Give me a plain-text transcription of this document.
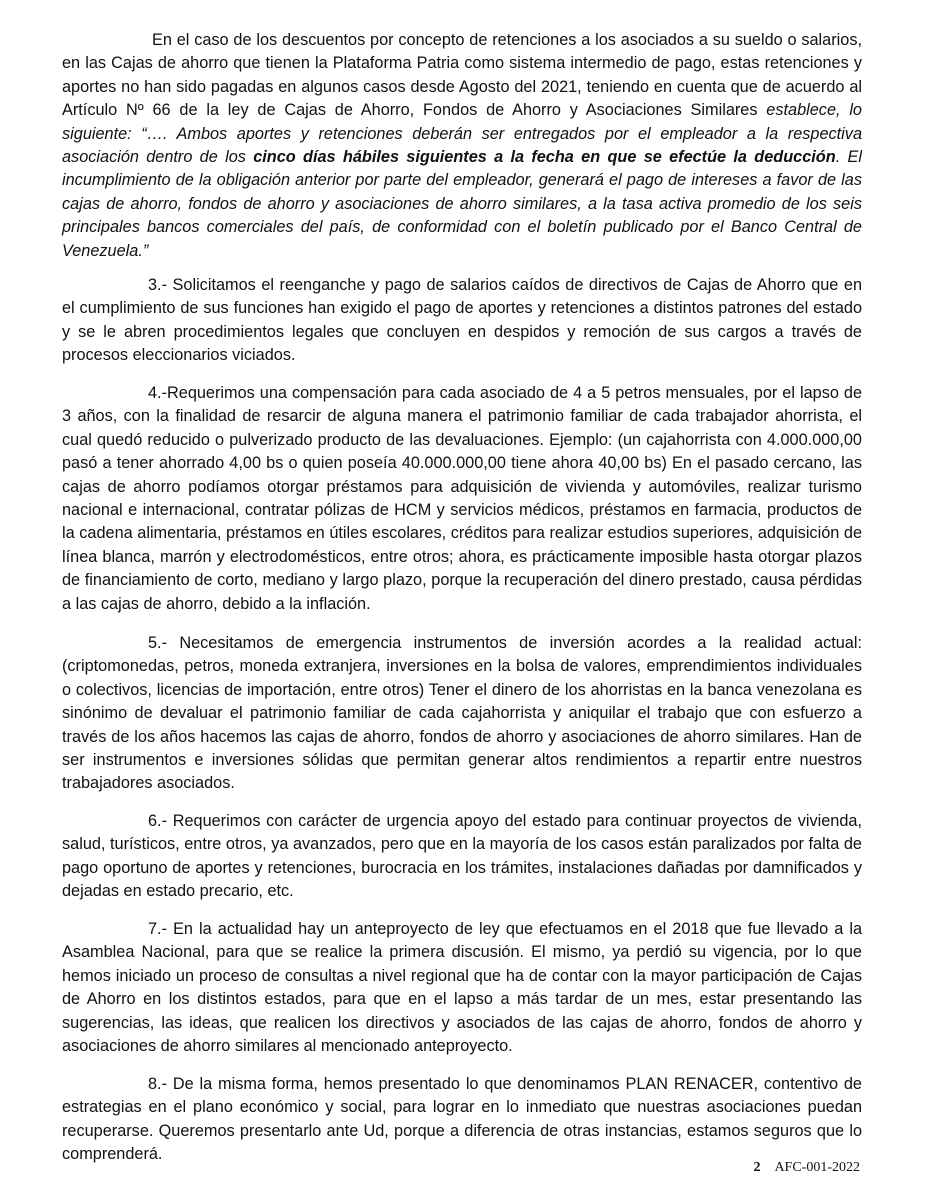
En el caso de los descuentos por concepto de retenciones a los asociados a su sueldo o salarios, en las Cajas de ahorro que tienen la Plataforma Patria como sistema intermedio de pago, estas retenciones y aportes no han sido pagadas en algunos casos desde Agosto del 2021, teniendo en cuenta que de acuerdo al Artículo Nº 66 de la ley de Cajas de Ahorro, Fondos de Ahorro y Asociaciones Similares establece, lo siguiente: “…. Ambos aportes y retenciones deberán ser entregados por el empleador a la respectiva asociación dentro de los cinco días hábiles siguientes a la fecha en que se efectúe la deducción. El incumplimiento de la obligación anterior por parte del empleador, generará el pago de intereses a favor de las cajas de ahorro, fondos de ahorro y asociaciones de ahorro similares, a la tasa activa promedio de los seis principales bancos comerciales del país, de conformidad con el boletín publicado por el Banco Central de Venezuela.”

3.- Solicitamos el reenganche y pago de salarios caídos de directivos de Cajas de Ahorro que en el cumplimiento de sus funciones han exigido el pago de aportes y retenciones a distintos patrones del estado y se le abren procedimientos legales que concluyen en despidos y remoción de sus cargos a través de procesos eleccionarios viciados.

4.-Requerimos una compensación para cada asociado de 4 a 5 petros mensuales, por el lapso de 3 años, con la finalidad de resarcir de alguna manera el patrimonio familiar de cada trabajador ahorrista, el cual quedó reducido o pulverizado producto de las devaluaciones. Ejemplo: (un cajahorrista con 4.000.000,00 pasó a tener ahorrado 4,00 bs o quien poseía 40.000.000,00 tiene ahora 40,00 bs) En el pasado cercano, las cajas de ahorro podíamos otorgar préstamos para adquisición de vivienda y automóviles, realizar turismo nacional e internacional, contratar pólizas de HCM y servicios médicos, préstamos en farmacia, productos de la cadena alimentaria, préstamos en útiles escolares, créditos para realizar estudios superiores, adquisición de línea blanca, marrón y electrodomésticos, entre otros; ahora, es prácticamente imposible hasta otorgar plazos de financiamiento de corto, mediano y largo plazo, porque la recuperación del dinero prestado, causa pérdidas a las cajas de ahorro, debido a la inflación.

5.- Necesitamos de emergencia instrumentos de inversión acordes a la realidad actual: (criptomonedas, petros, moneda extranjera, inversiones en la bolsa de valores, emprendimientos individuales o colectivos, licencias de importación, entre otros) Tener el dinero de los ahorristas en la banca venezolana es sinónimo de devaluar el patrimonio familiar de cada cajahorrista y aniquilar el trabajo que con esfuerzo a través de los años hacemos las cajas de ahorro, fondos de ahorro y asociaciones de ahorro similares. Han de ser instrumentos e inversiones sólidas que permitan generar altos rendimientos a repartir entre nuestros trabajadores asociados.

6.- Requerimos con carácter de urgencia apoyo del estado para continuar proyectos de vivienda, salud, turísticos, entre otros, ya avanzados, pero que en la mayoría de los casos están paralizados por falta de pago oportuno de aportes y retenciones, burocracia en los trámites, instalaciones dañadas por damnificados y dejadas en estado precario, etc.

7.- En la actualidad hay un anteproyecto de ley que efectuamos en el 2018 que fue llevado a la Asamblea Nacional, para que se realice la primera discusión. El mismo, ya perdió su vigencia, por lo que hemos iniciado un proceso de consultas a nivel regional que ha de contar con la mayor participación de Cajas de Ahorro en los distintos estados, para que en el lapso a más tardar de un mes, estar presentando las sugerencias, las ideas, que realicen los directivos y asociados de las cajas de ahorro, fondos de ahorro y asociaciones de ahorro similares al mencionado anteproyecto.

8.- De la misma forma, hemos presentado lo que denominamos PLAN RENACER, contentivo de estrategias en el plano económico y social, para lograr en lo inmediato que nuestras asociaciones puedan recuperarse. Queremos presentarlo ante Ud, porque a diferencia de otras instancias, estamos seguros que lo comprenderá.

2 AFC-001-2022
